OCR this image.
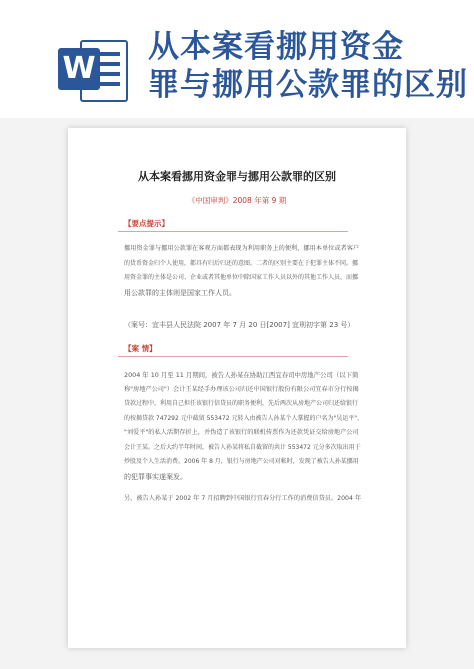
W
从本案看挪用资金
罪与挪用公款罪的区别
从本案看挪用资金罪与挪用公款罪的区别
《中国审判》2008 年第 9 期
【要点提示】
挪用资金罪与挪用公款罪在客观方面都表现为利用职务上的便利，挪用本单位或者客户
的货币资金归个人使用，都具有归后归还的意图。二者的区别主要在于犯罪主体不同。挪
用资金罪的主体是公司、企业或者其他单位中除国家工作人员以外的其他工作人员，而挪
用公款罪的主体则是国家工作人员。
（案号：宜丰县人民法院 2007 年 7 月 20 日[2007] 宜刑初字第 23 号）
【案 情】
2004 年 10 月至 11 月期间，被告人孙某在协助江西宜春司中房地产公司（以下简
称"房地产公司"）会计王某经手办理该公司归还中国银行股份有限公司宜春市分行按揭
贷款过程中，利用自己担任该银行信贷员的职务便利，先后两次从房地产公司归还给银行
的按揭贷款 747292 元中截留 553472 元转入由被告人孙某个人掌握的户名为"吴运平"、
"刘爱平"的私人活期存折上，并伪造了该银行的联机传票作为还款凭证交给房地产公司
会计王某。之后大约半年时间，被告人孙某将私自截留的共计 553472 元分多次取出用于
炒股及个人生活消费。2006 年 8 月，银行与房地产公司对帐时，发现了被告人孙某挪用
的犯罪事实遂案发。
另，被告人孙某于 2002 年 7 月招聘到中国银行宜春分行工作的消费信贷员。2004 年
